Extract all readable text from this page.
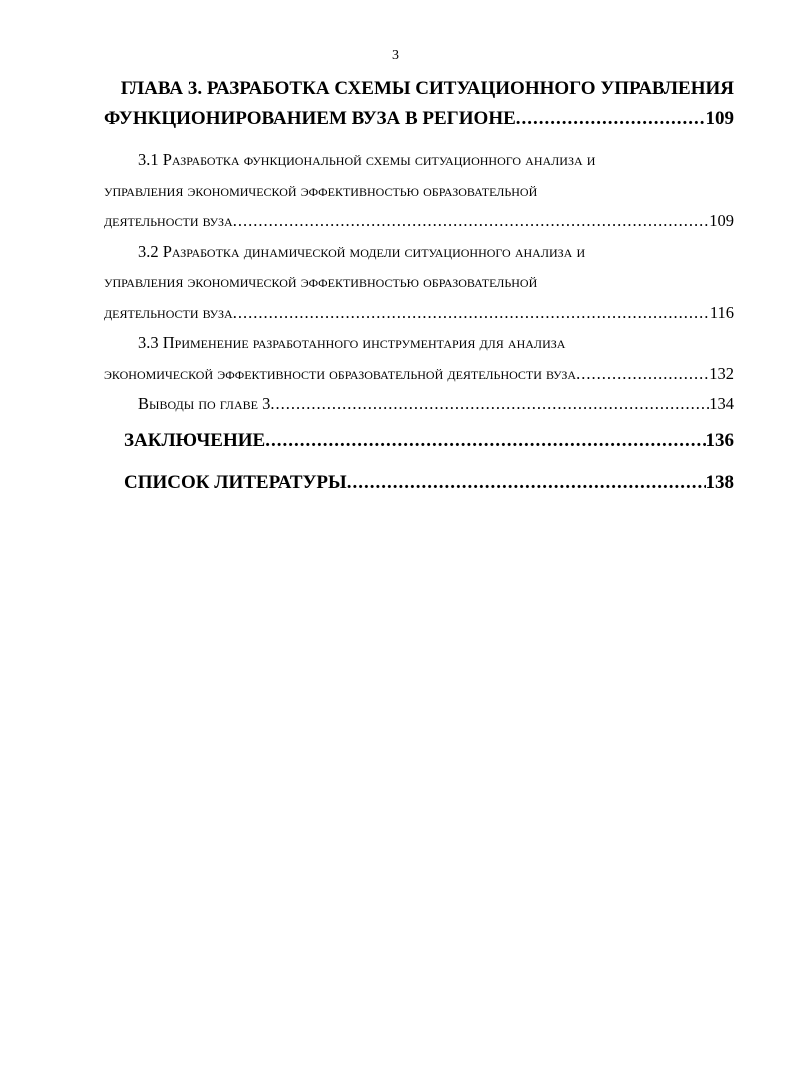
3
ГЛАВА 3. РАЗРАБОТКА СХЕМЫ СИТУАЦИОННОГО УПРАВЛЕНИЯ
ФУНКЦИОНИРОВАНИЕМ ВУЗА В РЕГИОНЕ .....	109
3.1 Разработка функциональной схемы ситуационного анализа и
управления экономической эффективностью образовательной
деятельности вуза .....	109
3.2 Разработка динамической модели ситуационного анализа и
управления экономической эффективностью образовательной
деятельности вуза .....	116
3.3 Применение разработанного инструментария для анализа
экономической эффективности образовательной деятельности вуза .....	132
Выводы по главе 3 .....	134
ЗАКЛЮЧЕНИЕ .....	136
СПИСОК ЛИТЕРАТУРЫ .....	138
